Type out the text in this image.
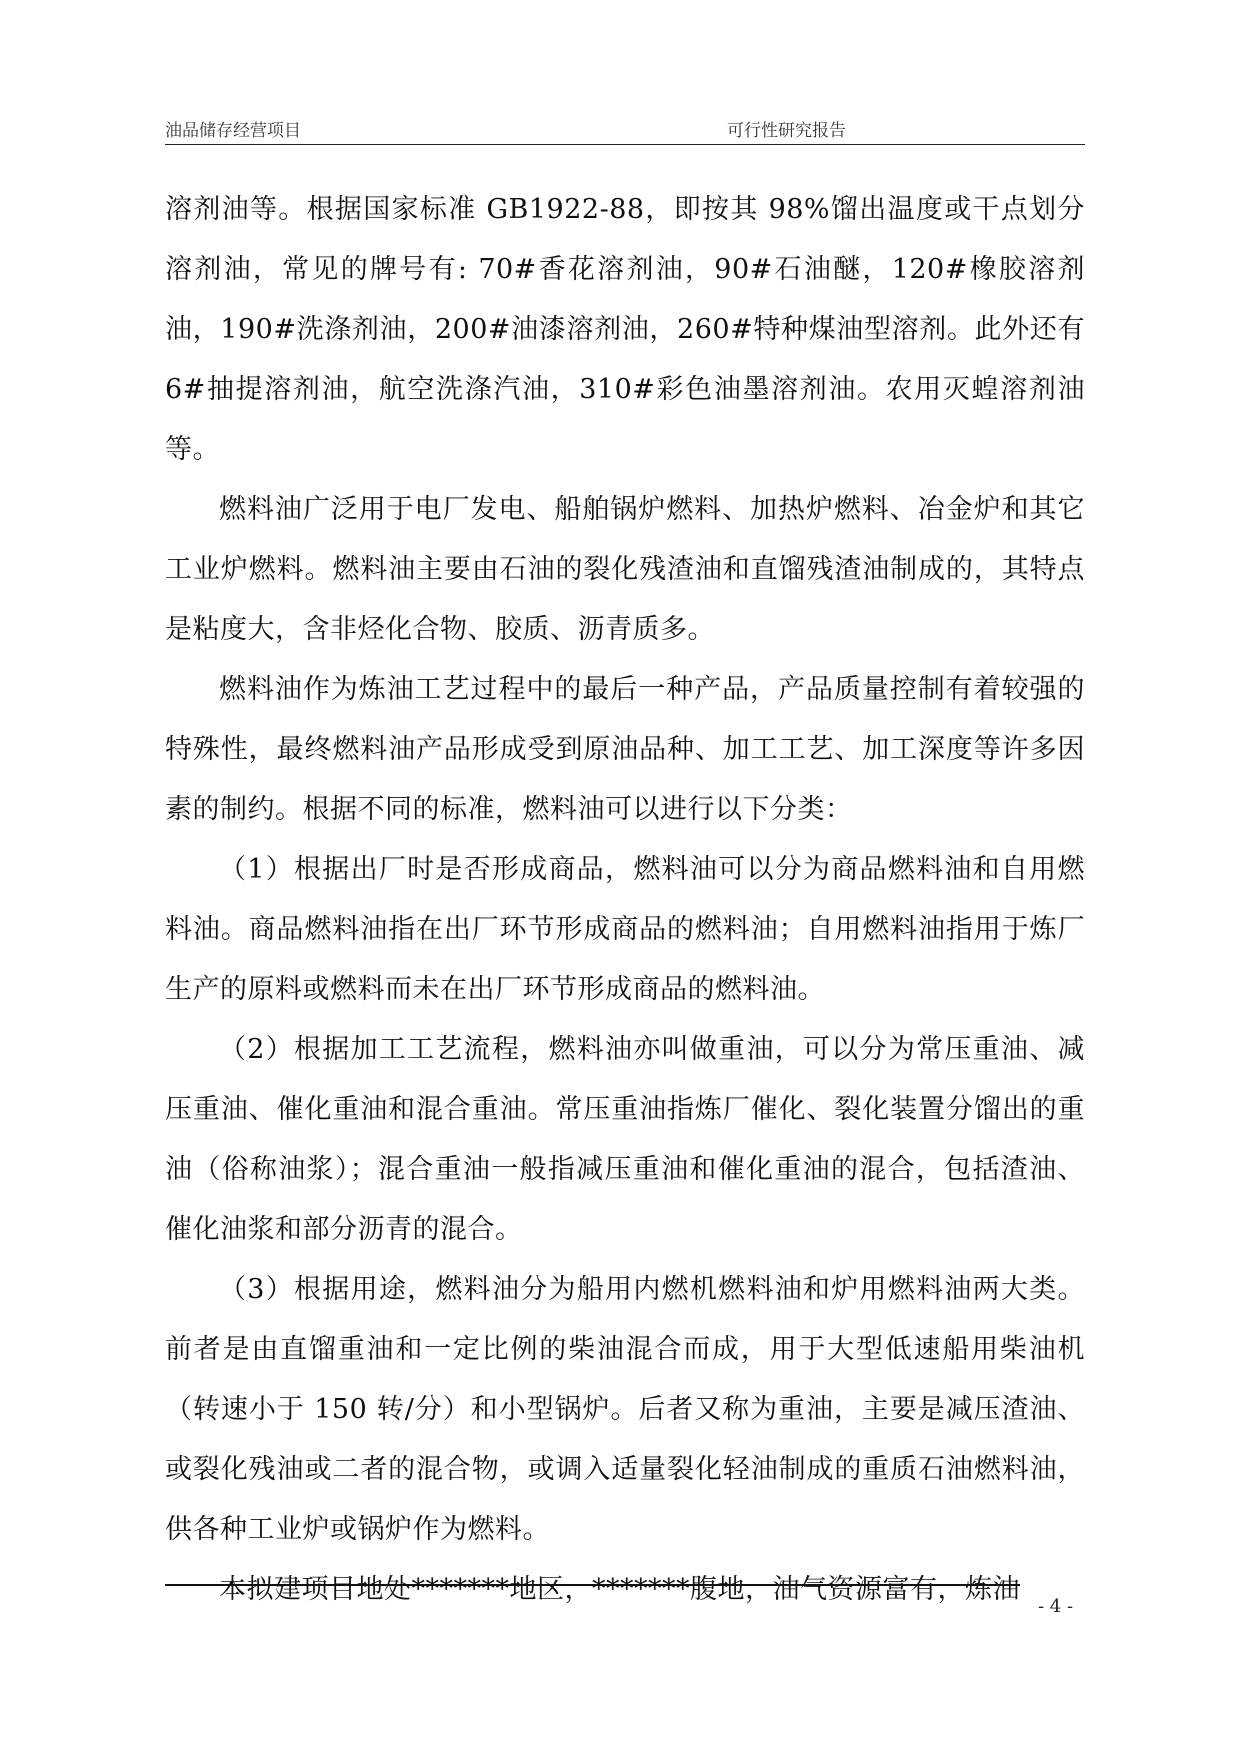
油品储存经营项目	可行性研究报告

溶剂油等。根据国家标准 GB1922-88，即按其 98%馏出温度或干点划分溶剂油，常见的牌号有: 70#香花溶剂油，90#石油醚，120#橡胶溶剂油，190#洗涤剂油，200#油漆溶剂油，260#特种煤油型溶剂。此外还有 6#抽提溶剂油，航空洗涤汽油，310#彩色油墨溶剂油。农用灭蝗溶剂油等。

燃料油广泛用于电厂发电、船舶锅炉燃料、加热炉燃料、冶金炉和其它工业炉燃料。燃料油主要由石油的裂化残渣油和直馏残渣油制成的，其特点是粘度大，含非烃化合物、胶质、沥青质多。

燃料油作为炼油工艺过程中的最后一种产品，产品质量控制有着较强的特殊性，最终燃料油产品形成受到原油品种、加工工艺、加工深度等许多因素的制约。根据不同的标准，燃料油可以进行以下分类：

（1）根据出厂时是否形成商品，燃料油可以分为商品燃料油和自用燃料油。商品燃料油指在出厂环节形成商品的燃料油；自用燃料油指用于炼厂生产的原料或燃料而未在出厂环节形成商品的燃料油。

（2）根据加工工艺流程，燃料油亦叫做重油，可以分为常压重油、减压重油、催化重油和混合重油。常压重油指炼厂催化、裂化装置分馏出的重油（俗称油浆）；混合重油一般指减压重油和催化重油的混合，包括渣油、催化油浆和部分沥青的混合。

（3）根据用途，燃料油分为船用内燃机燃料油和炉用燃料油两大类。前者是由直馏重油和一定比例的柴油混合而成，用于大型低速船用柴油机（转速小于 150 转/分）和小型锅炉。后者又称为重油，主要是减压渣油、或裂化残油或二者的混合物，或调入适量裂化轻油制成的重质石油燃料油，供各种工业炉或锅炉作为燃料。

本拟建项目地处*******地区，*******腹地，油气资源富有，炼油

- 4 -
